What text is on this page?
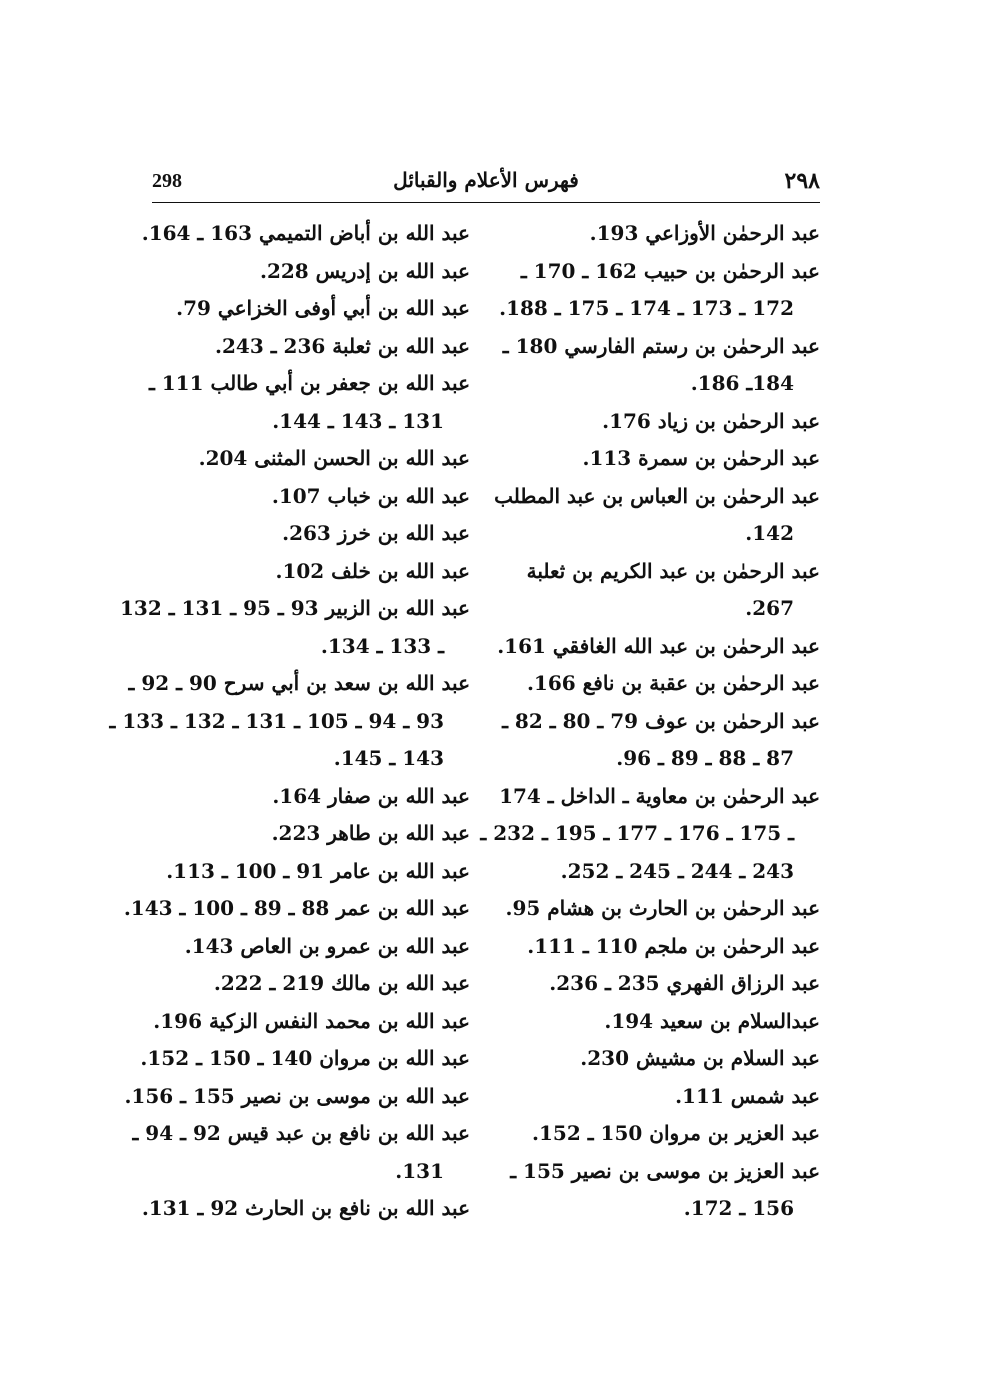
298	فهرس الأعلام والقبائل	٢٩٨
عبد الرحمٰن الأوزاعي 193.
عبد الرحمٰن بن حبيب 162 ـ 170 ـ
172 ـ 173 ـ 174 ـ 175 ـ 188.
عبد الرحمٰن بن رستم الفارسي 180 ـ
184ـ 186.
عبد الرحمٰن بن زياد 176.
عبد الرحمٰن بن سمرة 113.
عبد الرحمٰن بن العباس بن عبد المطلب
142.
عبد الرحمٰن بن عبد الكريم بن ثعلبة
267.
عبد الرحمٰن بن عبد الله الغافقي 161.
عبد الرحمٰن بن عقبة بن نافع 166.
عبد الرحمٰن بن عوف 79 ـ 80 ـ 82 ـ
87 ـ 88 ـ 89 ـ 96.
عبد الرحمٰن بن معاوية ـ الداخل ـ 174
ـ 175 ـ 176 ـ 177 ـ 195 ـ 232 ـ
243 ـ 244 ـ 245 ـ 252.
عبد الرحمٰن بن الحارث بن هشام 95.
عبد الرحمٰن بن ملجم 110 ـ 111.
عبد الرزاق الفهري 235 ـ 236.
عبدالسلام بن سعيد 194.
عبد السلام بن مشيش 230.
عبد شمس 111.
عبد العزير بن مروان 150 ـ 152.
عبد العزيز بن موسى بن نصير 155 ـ
156 ـ 172.
عبد الله بن أباض التميمي 163 ـ 164.
عبد الله بن إدريس 228.
عبد الله بن أبي أوفى الخزاعي 79.
عبد الله بن ثعلبة 236 ـ 243.
عبد الله بن جعفر بن أبي طالب 111 ـ
131 ـ 143 ـ 144.
عبد الله بن الحسن المثنى 204.
عبد الله بن خباب 107.
عبد الله بن خرز 263.
عبد الله بن خلف 102.
عبد الله بن الزبير 93 ـ 95 ـ 131 ـ 132
ـ 133 ـ 134.
عبد الله بن سعد بن أبي سرح 90 ـ 92 ـ
93 ـ 94 ـ 105 ـ 131 ـ 132 ـ 133 ـ
143 ـ 145.
عبد الله بن صفار 164.
عبد الله بن طاهر 223.
عبد الله بن عامر 91 ـ 100 ـ 113.
عبد الله بن عمر 88 ـ 89 ـ 100 ـ 143.
عبد الله بن عمرو بن العاص 143.
عبد الله بن مالك 219 ـ 222.
عبد الله بن محمد النفس الزكية 196.
عبد الله بن مروان 140 ـ 150 ـ 152.
عبد الله بن موسى بن نصير 155 ـ 156.
عبد الله بن نافع بن عبد قيس 92 ـ 94 ـ
131.
عبد الله بن نافع بن الحارث 92 ـ 131.
